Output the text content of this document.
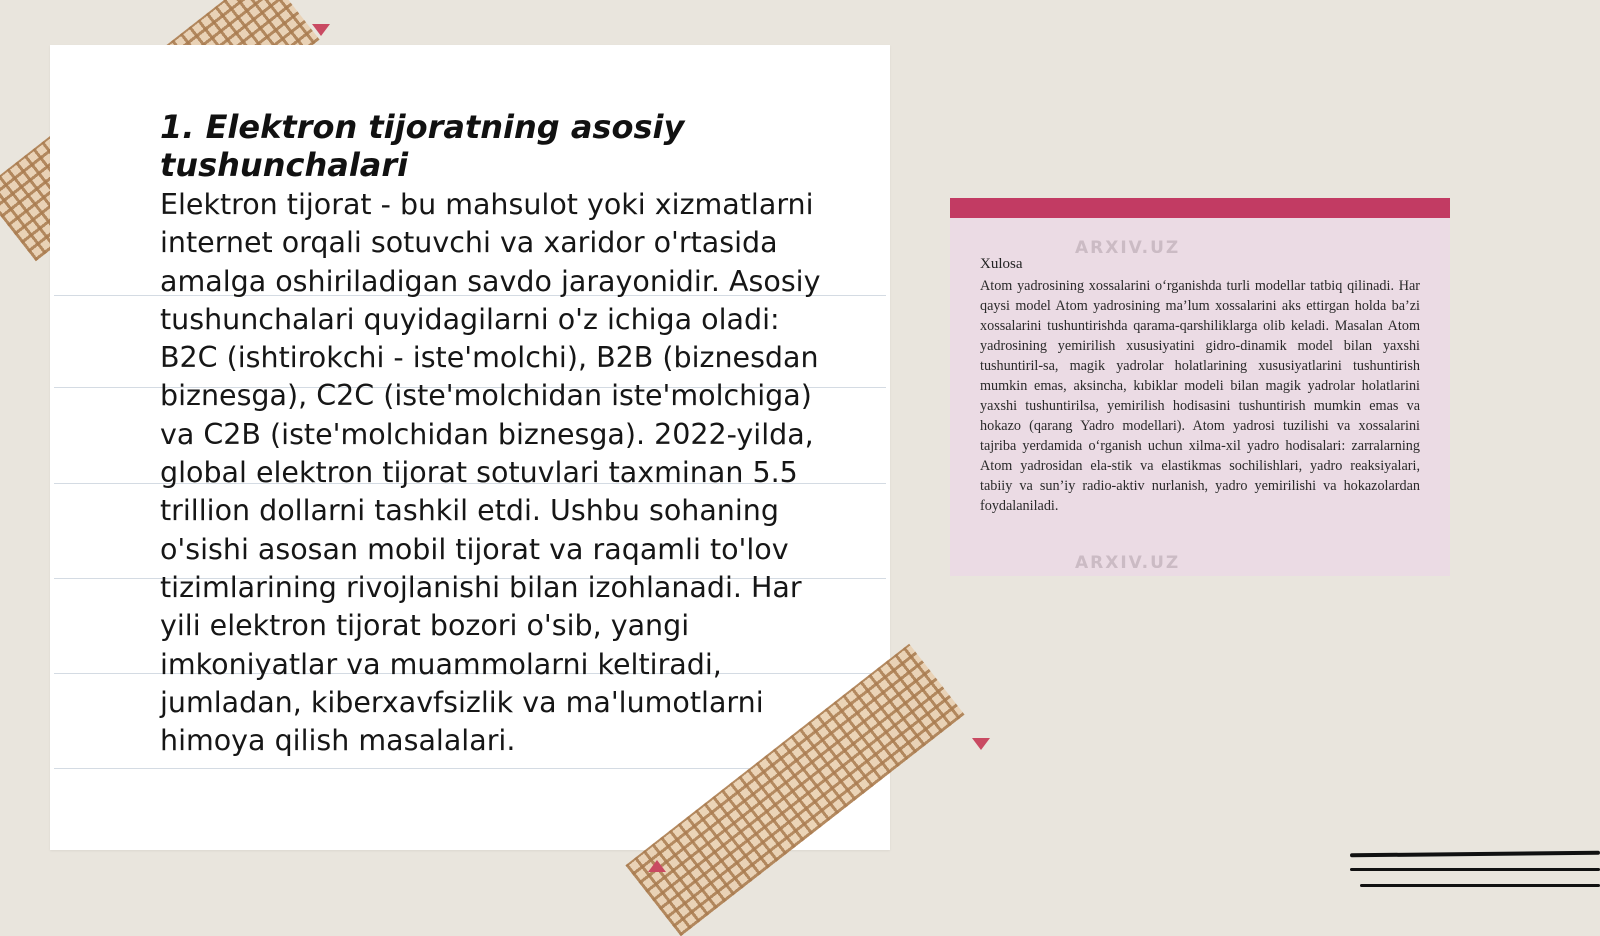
1. Elektron tijoratning asosiy tushunchalari

Elektron tijorat - bu mahsulot yoki xizmatlarni internet orqali sotuvchi va xaridor o'rtasida amalga oshiriladigan savdo jarayonidir. Asosiy tushunchalari quyidagilarni o'z ichiga oladi: B2C (ishtirokchi - iste'molchi), B2B (biznesdan biznesga), C2C (iste'molchidan iste'molchiga) va C2B (iste'molchidan biznesga). 2022-yilda, global elektron tijorat sotuvlari taxminan 5.5 trillion dollarni tashkil etdi. Ushbu sohaning o'sishi asosan mobil tijorat va raqamli to'lov tizimlarining rivojlanishi bilan izohlanadi. Har yili elektron tijorat bozori o'sib, yangi imkoniyatlar va muammolarni keltiradi, jumladan, kiberxavfsizlik va ma'lumotlarni himoya qilish masalalari.

ARXIV.UZ

Xulosa

Atom yadrosining xossalarini o‘rganishda turli modellar tatbiq qilinadi. Har qaysi model Atom yadrosining ma’lum xossalarini aks ettirgan holda ba’zi xossalarini tushuntirishda qarama-qarshiliklarga olib keladi. Masalan Atom yadrosining yemirilish xususiyatini gidro-dinamik model bilan yaxshi tushuntiril-sa, magik yadrolar holatlarining xususiyatlarini tushuntirish mumkin emas, aksincha, kıbiklar modeli bilan magik yadrolar holatlarini yaxshi tushuntirilsa, yemirilish hodisasini tushuntirish mumkin emas va hokazo (qarang Yadro modellari). Atom yadrosi tuzilishi va xossalarini tajriba yerdamida o‘rganish uchun xilma-xil yadro hodisalari: zarralarning Atom yadrosidan ela-stik va elastikmas sochilishlari, yadro reaksiyalari, tabiiy va sun’iy radio-aktiv nurlanish, yadro yemirilishi va hokazolardan foydalaniladi.

ARXIV.UZ
